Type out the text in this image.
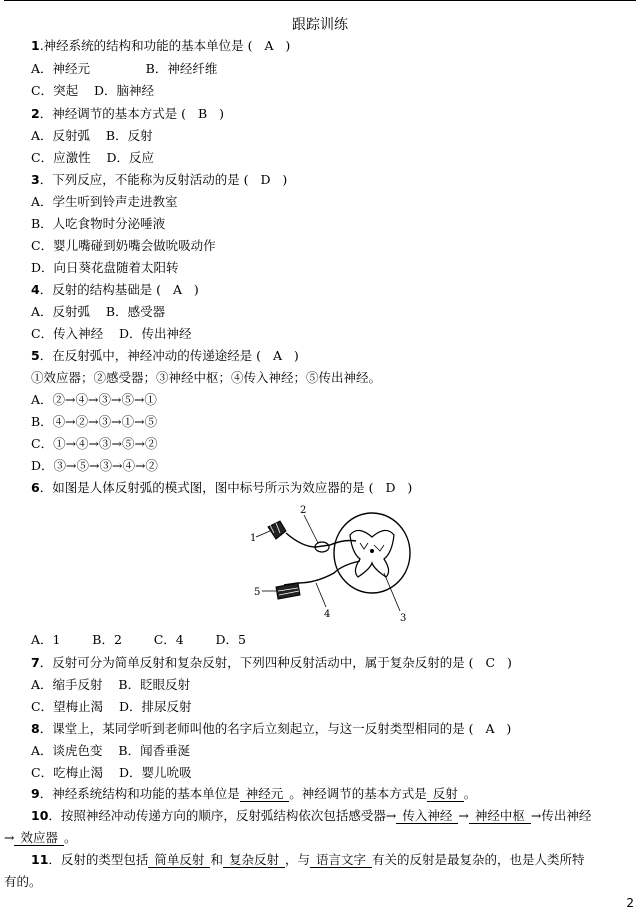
跟踪训练
1.神经系统的结构和功能的基本单位是 (   A   )
A．神经元              B．神经纤维
C．突起    D．脑神经
2．神经调节的基本方式是 (   B   )
A．反射弧    B．反射
C．应激性    D．反应
3．下列反应，不能称为反射活动的是 (   D   )
A．学生听到铃声走进教室
B．人吃食物时分泌唾液
C．婴儿嘴碰到奶嘴会做吮吸动作
D．向日葵花盘随着太阳转
4．反射的结构基础是 (   A   )
A．反射弧    B．感受器
C．传入神经    D．传出神经
5．在反射弧中，神经冲动的传递途经是 (   A   )
①效应器；②感受器；③神经中枢；④传入神经；⑤传出神经。
A．②→④→③→⑤→①
B．④→②→③→①→⑤
C．①→④→③→⑤→②
D．③→⑤→③→④→②
6．如图是人体反射弧的模式图，图中标号所示为效应器的是 (   D   )
A．1        B．2        C．4        D．5
7．反射可分为简单反射和复杂反射，下列四种反射活动中，属于复杂反射的是 (   C   )
A．缩手反射    B．眨眼反射
C．望梅止渴    D．排尿反射
8．课堂上，某同学听到老师叫他的名字后立刻起立，与这一反射类型相同的是 (   A   )
A．谈虎色变    B．闻香垂涎
C．吃梅止渴    D．婴儿吮吸
1
2
3
4
5
9．神经系统结构和功能的基本单位是 神经元 。神经调节的基本方式是 反射 。
10．按照神经冲动传递方向的顺序，反射弧结构依次包括感受器→ 传入神经 → 神经中枢 →传出神经
→ 效应器 。
11．反射的类型包括 简单反射 和 复杂反射 ，与 语言文字 有关的反射是最复杂的，也是人类所特
有的。
2
